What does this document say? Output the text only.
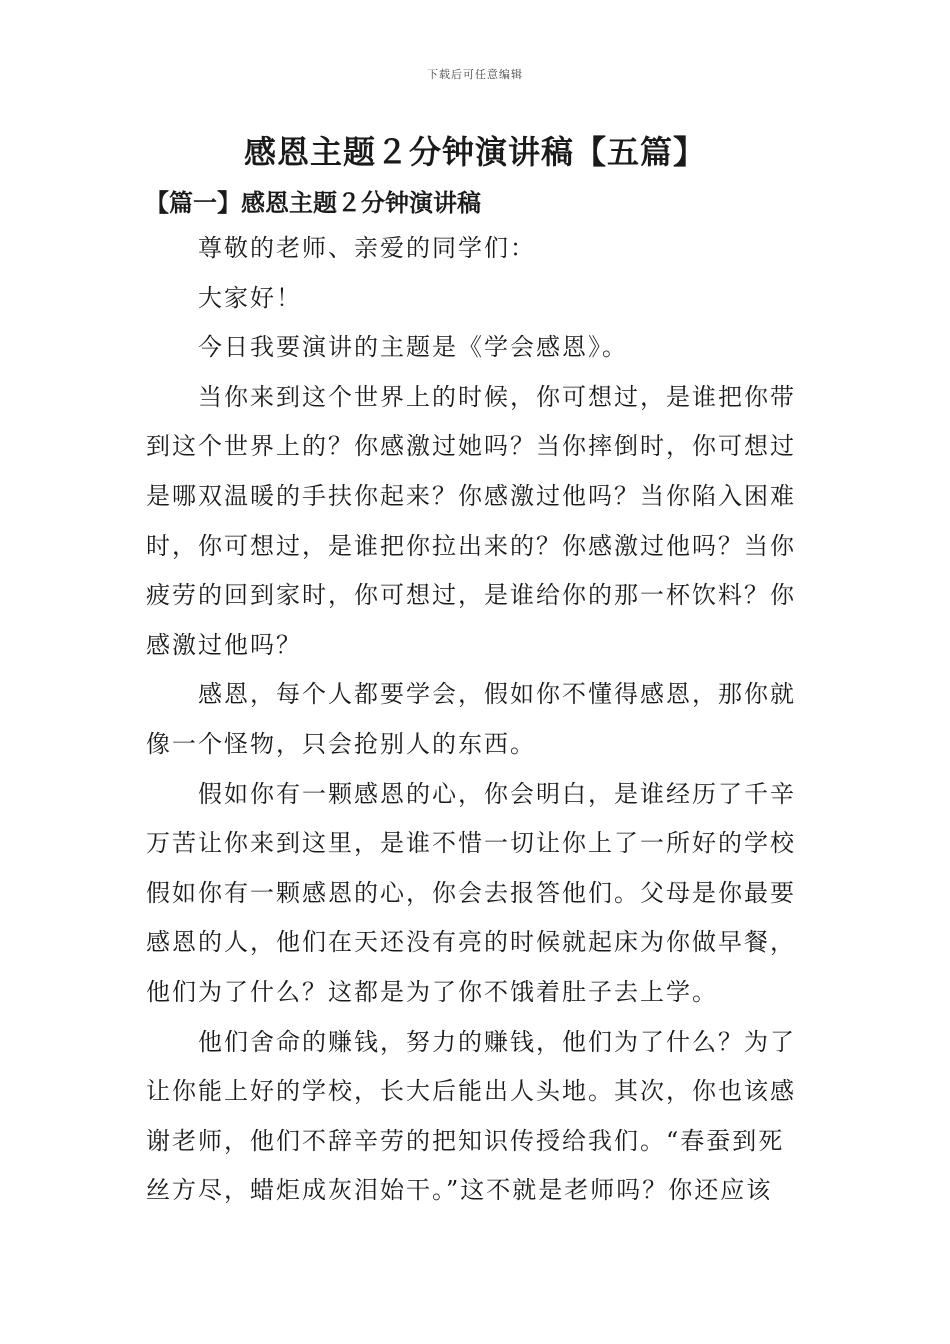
下载后可任意编辑
感恩主题２分钟演讲稿【五篇】
【篇一】感恩主题２分钟演讲稿

尊敬的老师、亲爱的同学们：

大家好！

今日我要演讲的主题是《学会感恩》。

当你来到这个世界上的时候，你可想过，是谁把你带到这个世界上的？你感激过她吗？当你摔倒时，你可想过是哪双温暖的手扶你起来？你感激过他吗？当你陷入困难时，你可想过，是谁把你拉出来的？你感激过他吗？当你疲劳的回到家时，你可想过，是谁给你的那一杯饮料？你感激过他吗？

感恩，每个人都要学会，假如你不懂得感恩，那你就像一个怪物，只会抢别人的东西。

假如你有一颗感恩的心，你会明白，是谁经历了千辛万苦让你来到这里，是谁不惜一切让你上了一所好的学校假如你有一颗感恩的心，你会去报答他们。父母是你最要感恩的人，他们在天还没有亮的时候就起床为你做早餐，他们为了什么？这都是为了你不饿着肚子去上学。

他们舍命的赚钱，努力的赚钱，他们为了什么？为了让你能上好的学校，长大后能出人头地。其次，你也该感谢老师，他们不辞辛劳的把知识传授给我们。“春蚕到死丝方尽，蜡炬成灰泪始干。”这不就是老师吗？你还应该
